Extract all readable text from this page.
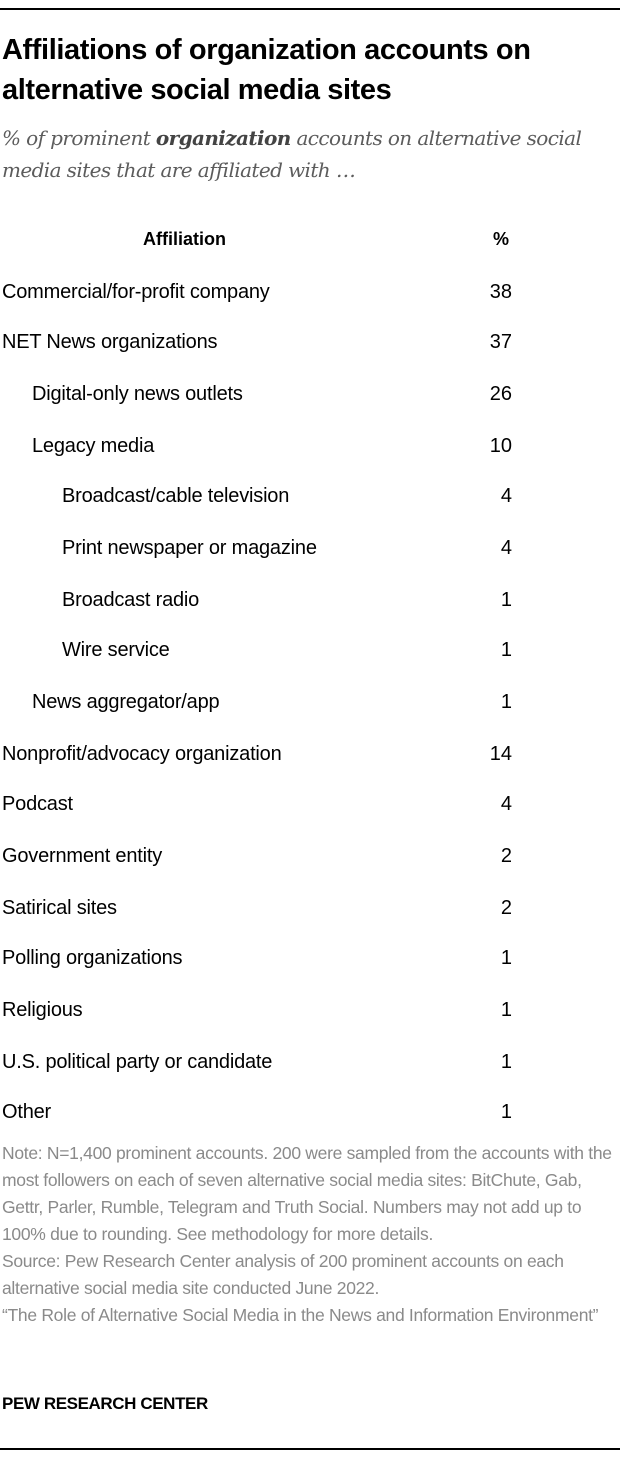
Affiliations of organization accounts on alternative social media sites
% of prominent organization accounts on alternative social media sites that are affiliated with …
Affiliation	%
Commercial/for-profit company	38
NET News organizations	37
Digital-only news outlets	26
Legacy media	10
Broadcast/cable television	4
Print newspaper or magazine	4
Broadcast radio	1
Wire service	1
News aggregator/app	1
Nonprofit/advocacy organization	14
Podcast	4
Government entity	2
Satirical sites	2
Polling organizations	1
Religious	1
U.S. political party or candidate	1
Other	1
Note: N=1,400 prominent accounts. 200 were sampled from the accounts with the most followers on each of seven alternative social media sites: BitChute, Gab, Gettr, Parler, Rumble, Telegram and Truth Social. Numbers may not add up to 100% due to rounding. See methodology for more details.
Source: Pew Research Center analysis of 200 prominent accounts on each alternative social media site conducted June 2022.
“The Role of Alternative Social Media in the News and Information Environment”
PEW RESEARCH CENTER
